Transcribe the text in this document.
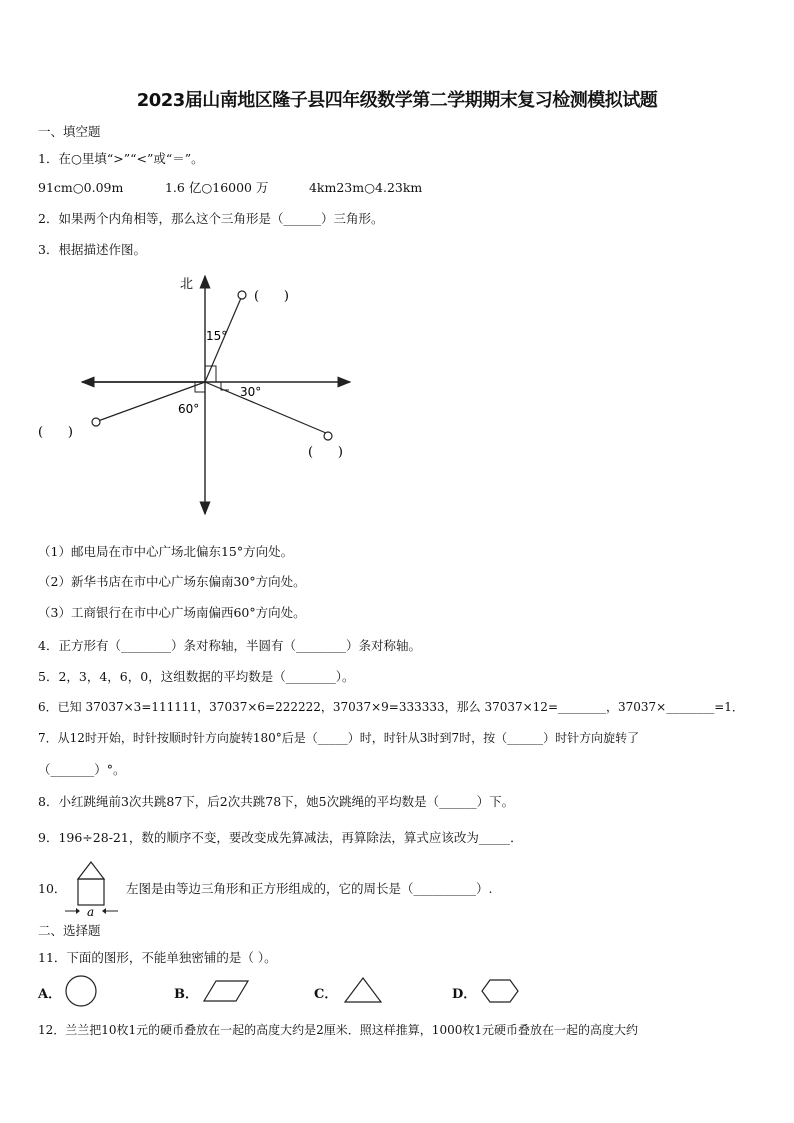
2023届山南地区隆子县四年级数学第二学期期末复习检测模拟试题
一、填空题
1．在○里填“>”“<”或“＝”。
91cm○0.09m	1.6 亿○16000 万	4km23m○4.23km
2．如果两个内角相等，那么这个三角形是（______）三角形。
3．根据描述作图。
北
15°
30°
60°
(      )
(      )
(      )
（1）邮电局在市中心广场北偏东15°方向处。
（2）新华书店在市中心广场东偏南30°方向处。
（3）工商银行在市中心广场南偏西60°方向处。
4．正方形有（________）条对称轴，半圆有（________）条对称轴。
5．2，3，4，6，0，这组数据的平均数是（________）。
6．已知 37037×3=111111，37037×6=222222，37037×9=333333，那么 37037×12=________，37037×________=1．
7．从12时开始，时针按顺时针方向旋转180°后是（_____）时，时针从3时到7时，按（______）时针方向旋转了
（_______）°。
8．小红跳绳前3次共跳87下，后2次共跳78下，她5次跳绳的平均数是（______）下。
9．196÷28-21，数的顺序不变，要改变成先算减法，再算除法，算式应该改为_____．
10．
a
左图是由等边三角形和正方形组成的，它的周长是（__________）.
二、选择题
11．下面的图形，不能单独密铺的是（ ）。
A．	B．	C．	D．
12．兰兰把10枚1元的硬币叠放在一起的高度大约是2厘米．照这样推算，1000枚1元硬币叠放在一起的高度大约
